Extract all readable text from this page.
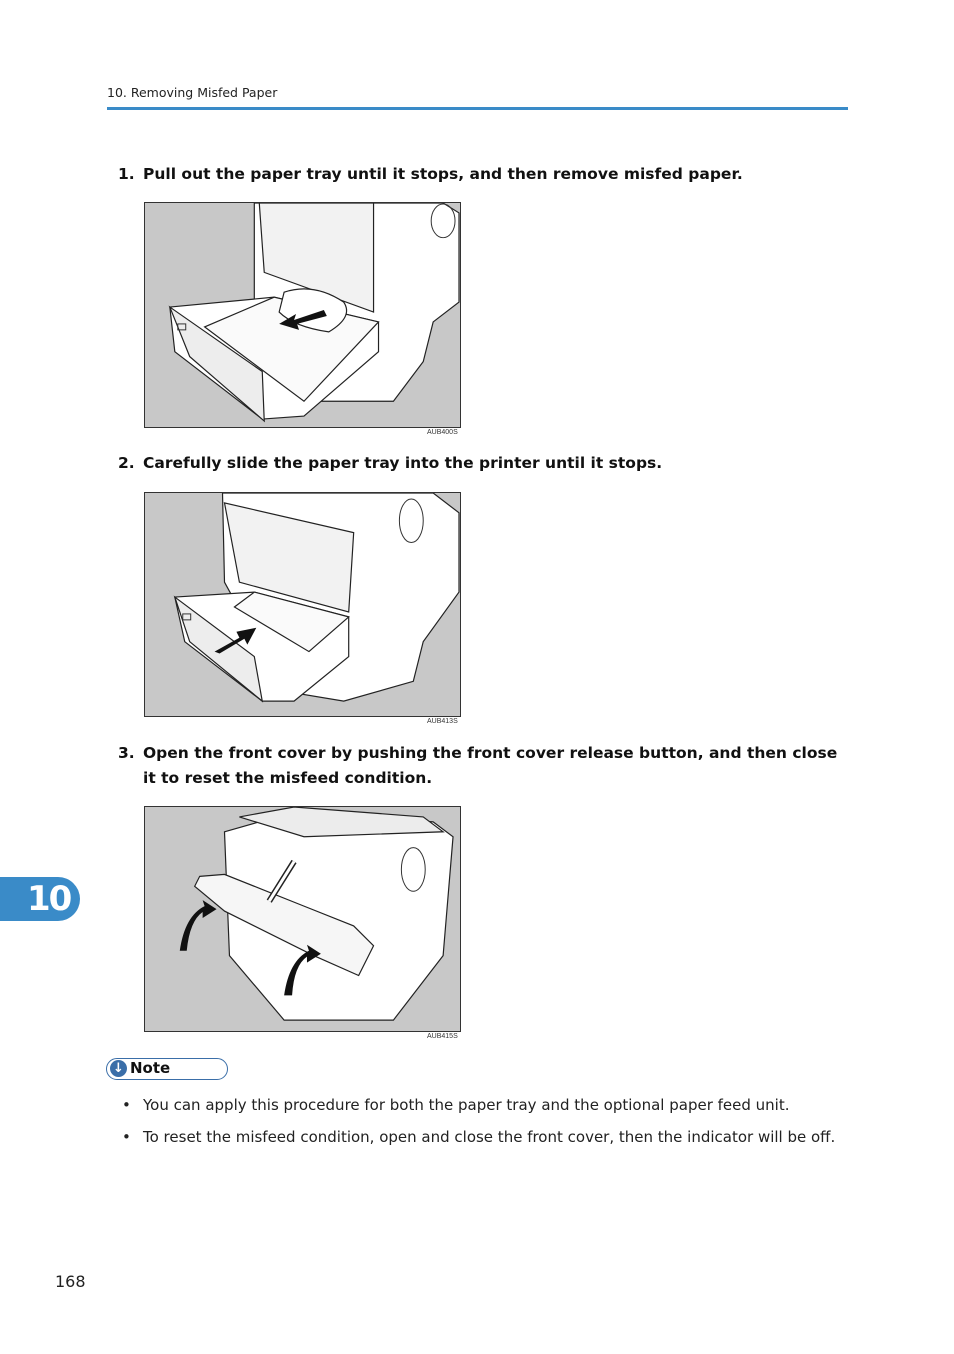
10. Removing Misfed Paper
1. Pull out the paper tray until it stops, and then remove misfed paper.
AUB400S
2. Carefully slide the paper tray into the printer until it stops.
AUB413S
3. Open the front cover by pushing the front cover release button, and then close it to reset the misfeed condition.
AUB415S
10
↓ Note
• You can apply this procedure for both the paper tray and the optional paper feed unit.
• To reset the misfeed condition, open and close the front cover, then the indicator will be off.
168
